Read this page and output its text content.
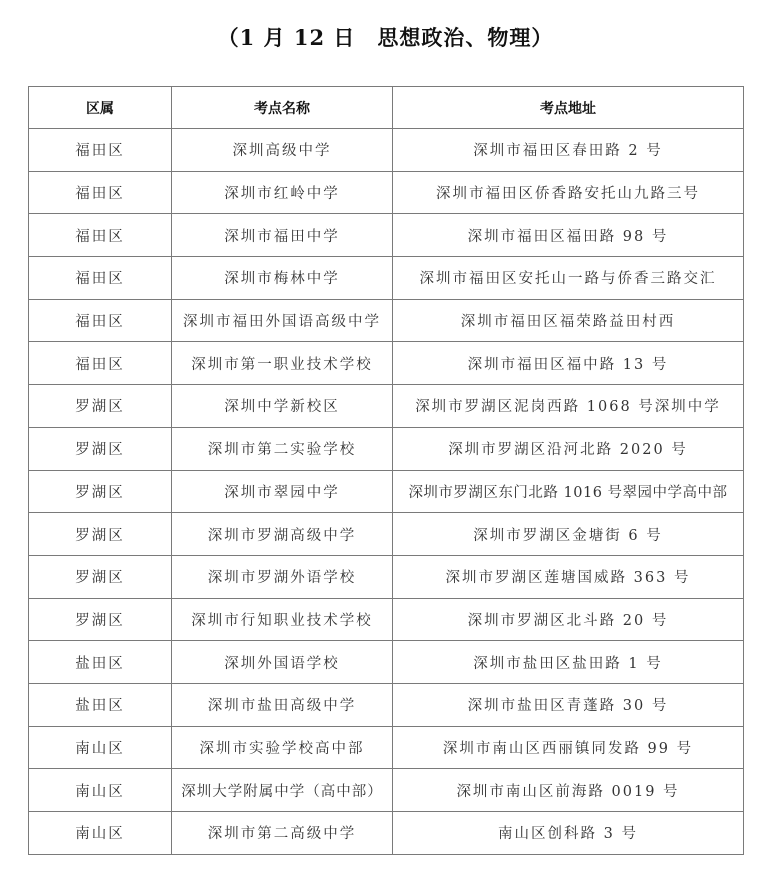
（1 月 12 日　思想政治、物理）
区属	考点名称	考点地址
福田区	深圳高级中学	深圳市福田区春田路 2 号
福田区	深圳市红岭中学	深圳市福田区侨香路安托山九路三号
福田区	深圳市福田中学	深圳市福田区福田路 98 号
福田区	深圳市梅林中学	深圳市福田区安托山一路与侨香三路交汇
福田区	深圳市福田外国语高级中学	深圳市福田区福荣路益田村西
福田区	深圳市第一职业技术学校	深圳市福田区福中路 13 号
罗湖区	深圳中学新校区	深圳市罗湖区泥岗西路 1068 号深圳中学
罗湖区	深圳市第二实验学校	深圳市罗湖区沿河北路 2020 号
罗湖区	深圳市翠园中学	深圳市罗湖区东门北路 1016 号翠园中学高中部
罗湖区	深圳市罗湖高级中学	深圳市罗湖区金塘街 6 号
罗湖区	深圳市罗湖外语学校	深圳市罗湖区莲塘国威路 363 号
罗湖区	深圳市行知职业技术学校	深圳市罗湖区北斗路 20 号
盐田区	深圳外国语学校	深圳市盐田区盐田路 1 号
盐田区	深圳市盐田高级中学	深圳市盐田区青蓬路 30 号
南山区	深圳市实验学校高中部	深圳市南山区西丽镇同发路 99 号
南山区	深圳大学附属中学（高中部）	深圳市南山区前海路 0019 号
南山区	深圳市第二高级中学	南山区创科路 3 号
